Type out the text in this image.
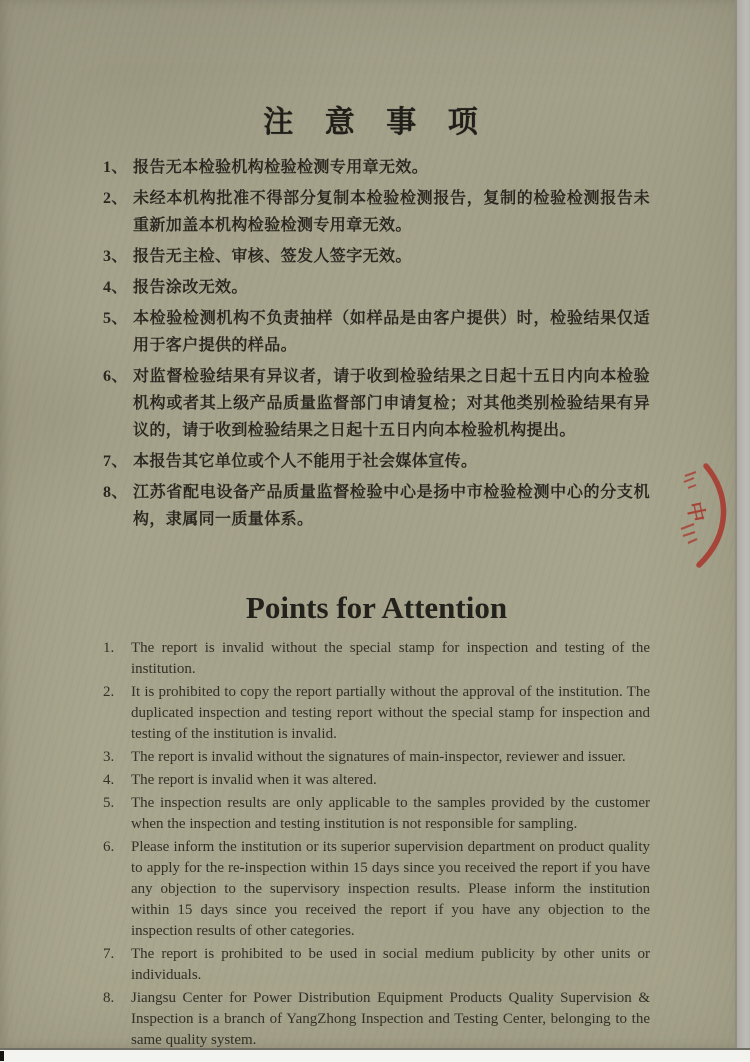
注 意 事 项
1、 报告无本检验机构检验检测专用章无效。
2、 未经本机构批准不得部分复制本检验检测报告，复制的检验检测报告未重新加盖本机构检验检测专用章无效。
3、 报告无主检、审核、签发人签字无效。
4、 报告涂改无效。
5、 本检验检测机构不负责抽样（如样品是由客户提供）时，检验结果仅适用于客户提供的样品。
6、 对监督检验结果有异议者，请于收到检验结果之日起十五日内向本检验机构或者其上级产品质量监督部门申请复检；对其他类别检验结果有异议的，请于收到检验结果之日起十五日内向本检验机构提出。
7、 本报告其它单位或个人不能用于社会媒体宣传。
8、 江苏省配电设备产品质量监督检验中心是扬中市检验检测中心的分支机构，隶属同一质量体系。
Points for Attention
1.	The report is invalid without the special stamp for inspection and testing of the institution.
2.	It is prohibited to copy the report partially without the approval of the institution. The duplicated inspection and testing report without the special stamp for inspection and testing of the institution is invalid.
3.	The report is invalid without the signatures of main-inspector, reviewer and issuer.
4.	The report is invalid when it was altered.
5.	The inspection results are only applicable to the samples provided by the customer when the inspection and testing institution is not responsible for sampling.
6.	Please inform the institution or its superior supervision department on product quality to apply for the re-inspection within 15 days since you received the report if you have any objection to the supervisory inspection results. Please inform the institution within 15 days since you received the report if you have any objection to the inspection results of other categories.
7.	The report is prohibited to be used in social medium publicity by other units or individuals.
8.	Jiangsu Center for Power Distribution Equipment Products Quality Supervision & Inspection is a branch of YangZhong Inspection and Testing Center, belonging to the same quality system.
中
